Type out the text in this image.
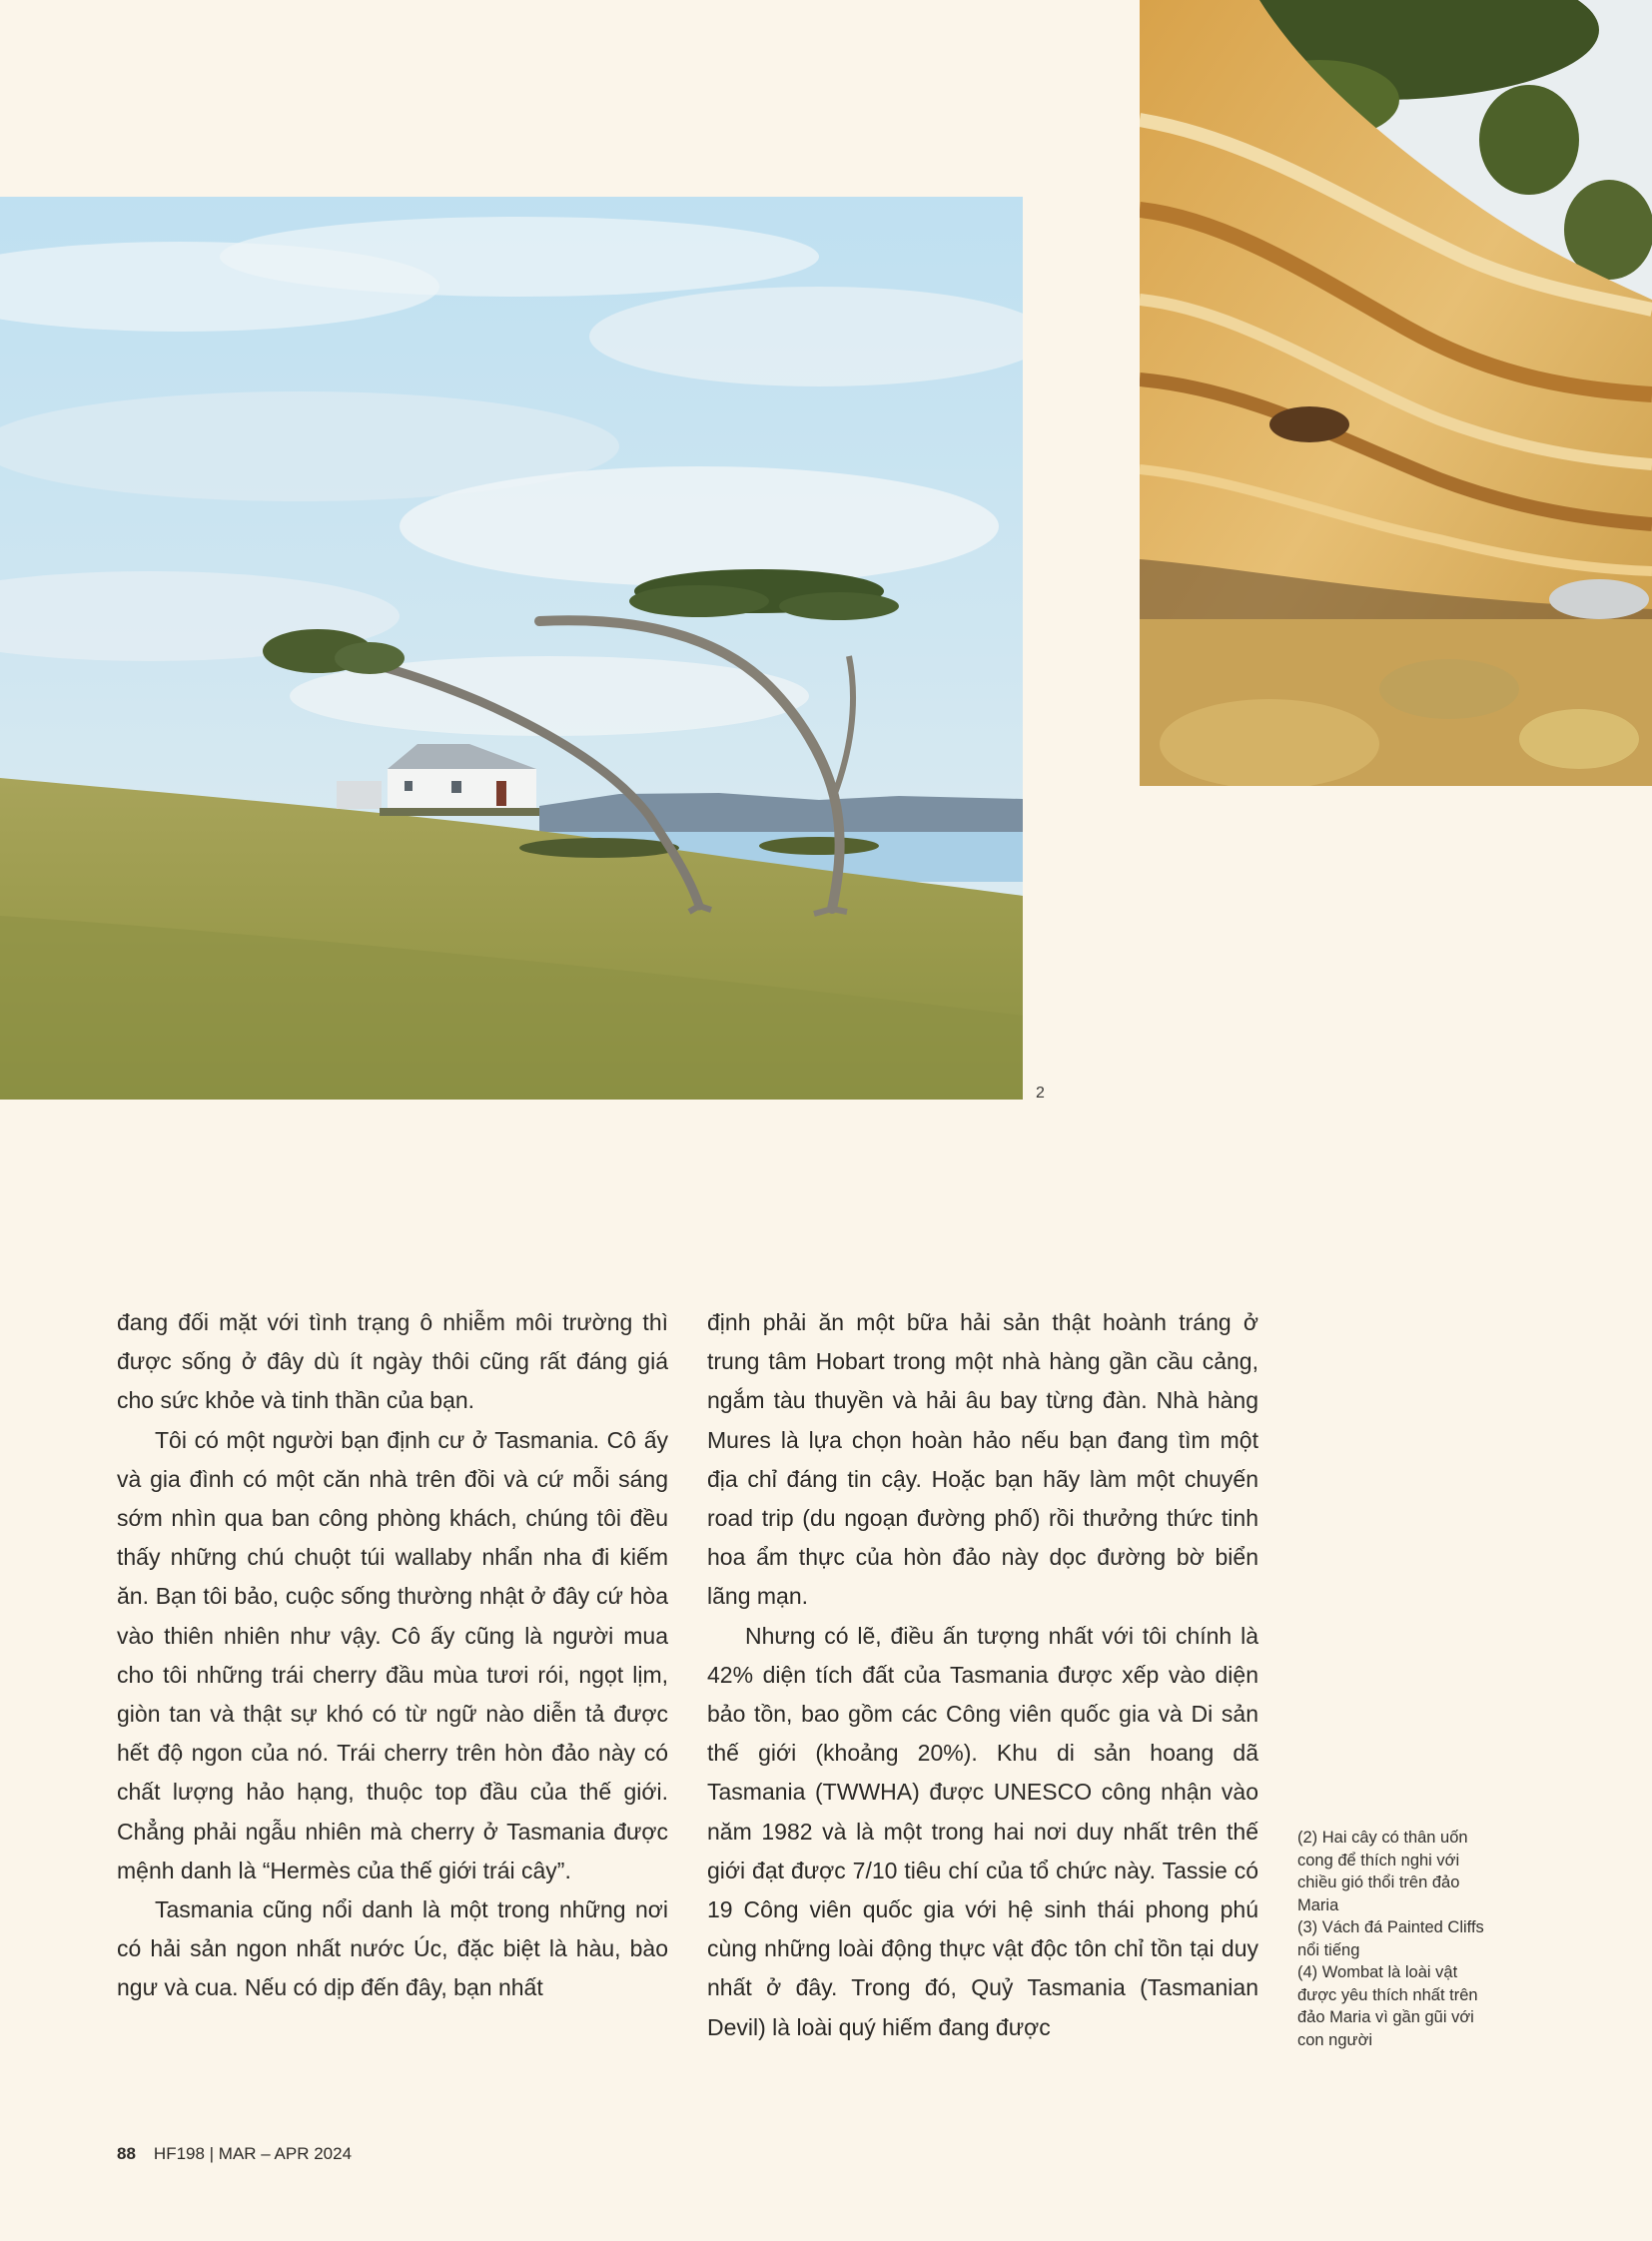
2

đang đối mặt với tình trạng ô nhiễm môi trường thì được sống ở đây dù ít ngày thôi cũng rất đáng giá cho sức khỏe và tinh thần của bạn.

Tôi có một người bạn định cư ở Tasmania. Cô ấy và gia đình có một căn nhà trên đồi và cứ mỗi sáng sớm nhìn qua ban công phòng khách, chúng tôi đều thấy những chú chuột túi wallaby nhẩn nha đi kiếm ăn. Bạn tôi bảo, cuộc sống thường nhật ở đây cứ hòa vào thiên nhiên như vậy. Cô ấy cũng là người mua cho tôi những trái cherry đầu mùa tươi rói, ngọt lịm, giòn tan và thật sự khó có từ ngữ nào diễn tả được hết độ ngon của nó. Trái cherry trên hòn đảo này có chất lượng hảo hạng, thuộc top đầu của thế giới. Chẳng phải ngẫu nhiên mà cherry ở Tasmania được mệnh danh là “Hermès của thế giới trái cây”.

Tasmania cũng nổi danh là một trong những nơi có hải sản ngon nhất nước Úc, đặc biệt là hàu, bào ngư và cua. Nếu có dịp đến đây, bạn nhất

định phải ăn một bữa hải sản thật hoành tráng ở trung tâm Hobart trong một nhà hàng gần cầu cảng, ngắm tàu thuyền và hải âu bay từng đàn. Nhà hàng Mures là lựa chọn hoàn hảo nếu bạn đang tìm một địa chỉ đáng tin cậy. Hoặc bạn hãy làm một chuyến road trip (du ngoạn đường phố) rồi thưởng thức tinh hoa ẩm thực của hòn đảo này dọc đường bờ biển lãng mạn.

Nhưng có lẽ, điều ấn tượng nhất với tôi chính là 42% diện tích đất của Tasmania được xếp vào diện bảo tồn, bao gồm các Công viên quốc gia và Di sản thế giới (khoảng 20%). Khu di sản hoang dã Tasmania (TWWHA) được UNESCO công nhận vào năm 1982 và là một trong hai nơi duy nhất trên thế giới đạt được 7/10 tiêu chí của tổ chức này. Tassie có 19 Công viên quốc gia với hệ sinh thái phong phú cùng những loài động thực vật độc tôn chỉ tồn tại duy nhất ở đây. Trong đó, Quỷ Tasmania (Tasmanian Devil) là loài quý hiếm đang được

(2) Hai cây có thân uốn cong để thích nghi với chiều gió thổi trên đảo Maria
(3) Vách đá Painted Cliffs nổi tiếng
(4) Wombat là loài vật được yêu thích nhất trên đảo Maria vì gần gũi với con người
88 HF198 | MAR – APR 2024
